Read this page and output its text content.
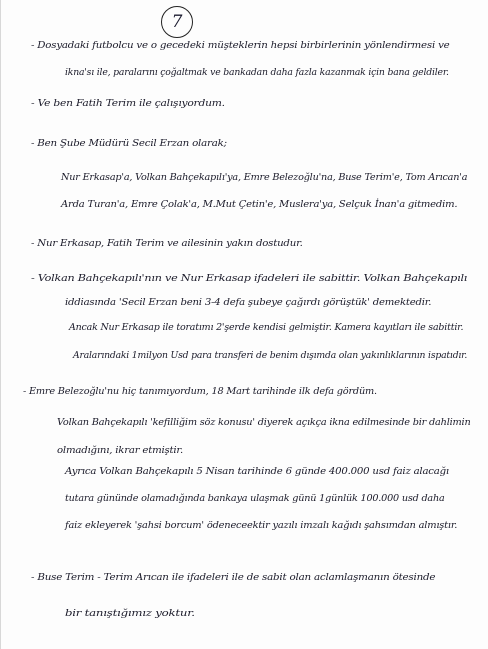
7
- Dosyadaki futbolcu ve o gecedeki müşteklerin hepsi birbirlerinin yönlendirmesi ve
ikna'sı ile, paralarını çoğaltmak ve bankadan daha fazla kazanmak için bana geldiler.
- Ve ben Fatih Terim ile çalışıyordum.
- Ben Şube Müdürü Secil Erzan olarak;
Nur Erkasap'a, Volkan Bahçekapılı'ya, Emre Belezoğlu'na, Buse Terim'e, Tom Arıcan'a
Arda Turan'a, Emre Çolak'a, M.Mut Çetin'e, Muslera'ya, Selçuk İnan'a gitmedim.
- Nur Erkasap, Fatih Terim ve ailesinin yakın dostudur.
- Volkan Bahçekapılı'nın ve Nur Erkasap ifadeleri ile sabittir. Volkan Bahçekapılı
iddiasında 'Secil Erzan beni 3-4 defa şubeye çağırdı görüştük' demektedir.
Ancak Nur Erkasap ile toratımı 2'şerde kendisi gelmiştir. Kamera kayıtları ile sabittir.
Aralarındaki 1milyon Usd para transferi de benim dışımda olan yakınlıklarının ispatıdır.
- Emre Belezoğlu'nu hiç tanımıyordum, 18 Mart tarihinde ilk defa gördüm.
Volkan Bahçekapılı 'kefilliğim söz konusu' diyerek açıkça ikna edilmesinde bir dahlimin
olmadığını, ikrar etmiştir.
Ayrıca Volkan Bahçekapılı 5 Nisan tarihinde 6 günde 400.000 usd faiz alacağı
tutara gününde olamadığında bankaya ulaşmak günü 1günlük 100.000 usd daha
faiz ekleyerek 'şahsi borcum' ödeneceektir yazılı imzalı kağıdı şahsımdan almıştır.
- Buse Terim - Terim Arıcan ile ifadeleri ile de sabit olan aclamlaşmanın ötesinde
bir tanıştığımız yoktur.
